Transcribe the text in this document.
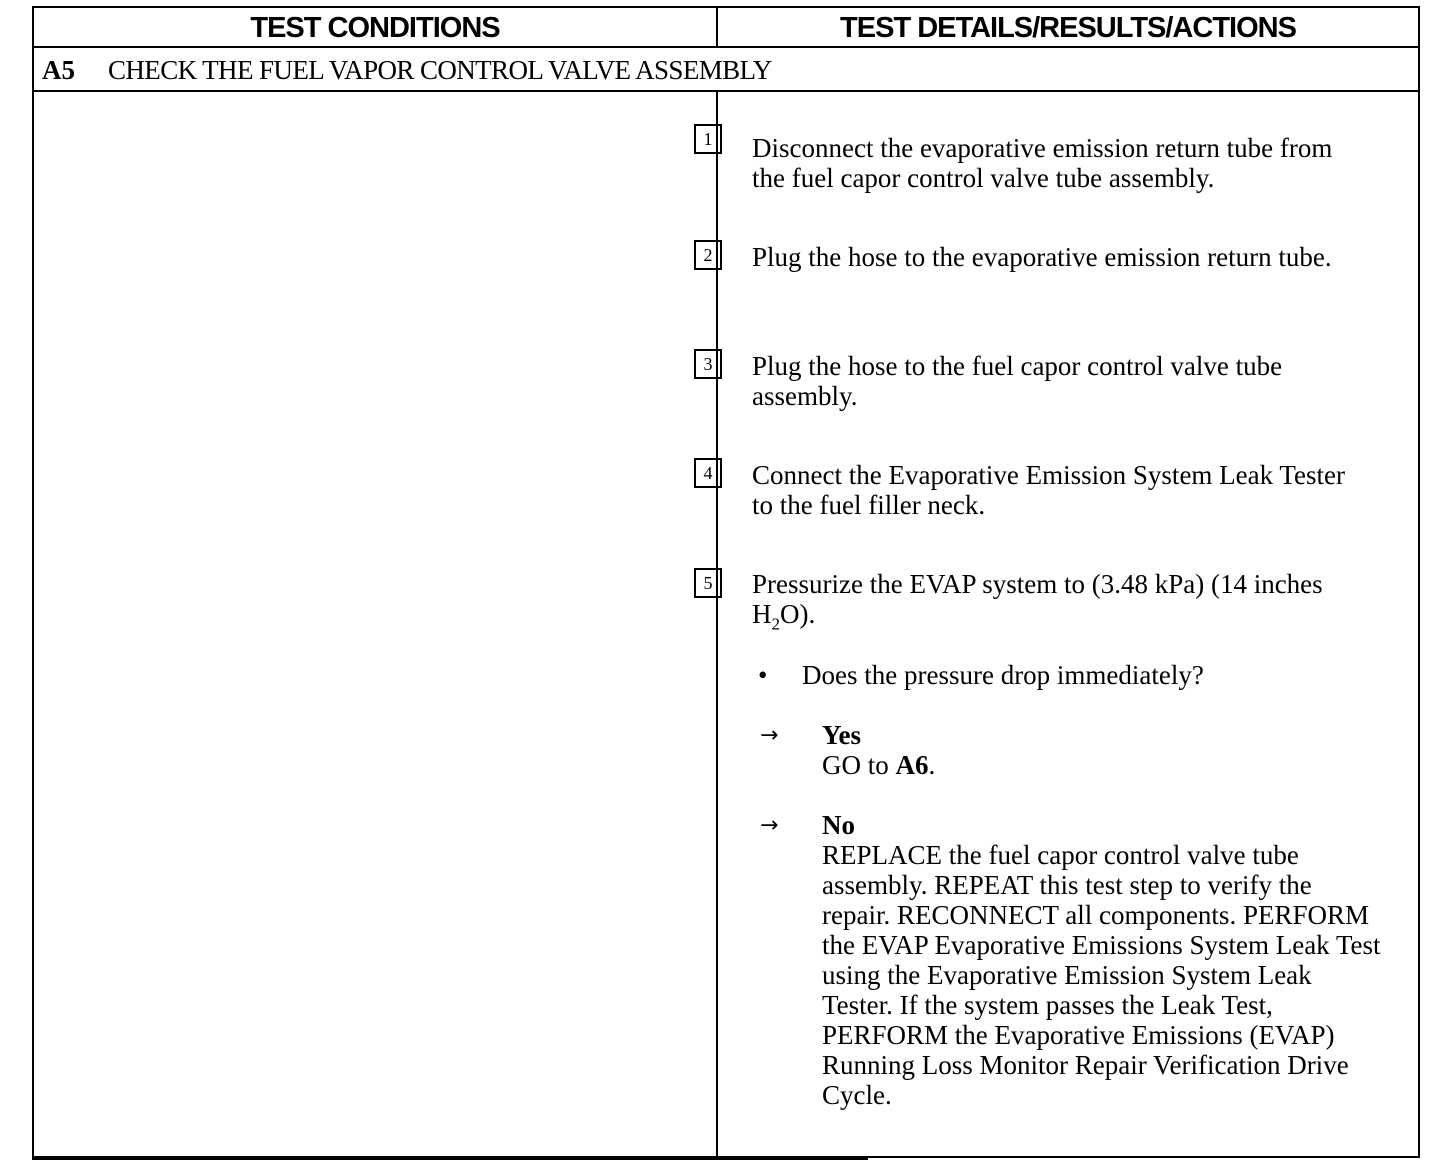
TEST CONDITIONS	TEST DETAILS/RESULTS/ACTIONS
A5 CHECK THE FUEL VAPOR CONTROL VALVE ASSEMBLY
1	Disconnect the evaporative emission return tube from the fuel capor control valve tube assembly.
2	Plug the hose to the evaporative emission return tube.
3	Plug the hose to the fuel capor control valve tube assembly.
4	Connect the Evaporative Emission System Leak Tester to the fuel filler neck.
5	Pressurize the EVAP system to (3.48 kPa) (14 inches $H_2O$).
• Does the pressure drop immediately?
→ Yes
GO to A6.
→ No
REPLACE the fuel capor control valve tube assembly. REPEAT this test step to verify the repair. RECONNECT all components. PERFORM the EVAP Evaporative Emissions System Leak Test using the Evaporative Emission System Leak Tester. If the system passes the Leak Test, PERFORM the Evaporative Emissions (EVAP) Running Loss Monitor Repair Verification Drive Cycle.
